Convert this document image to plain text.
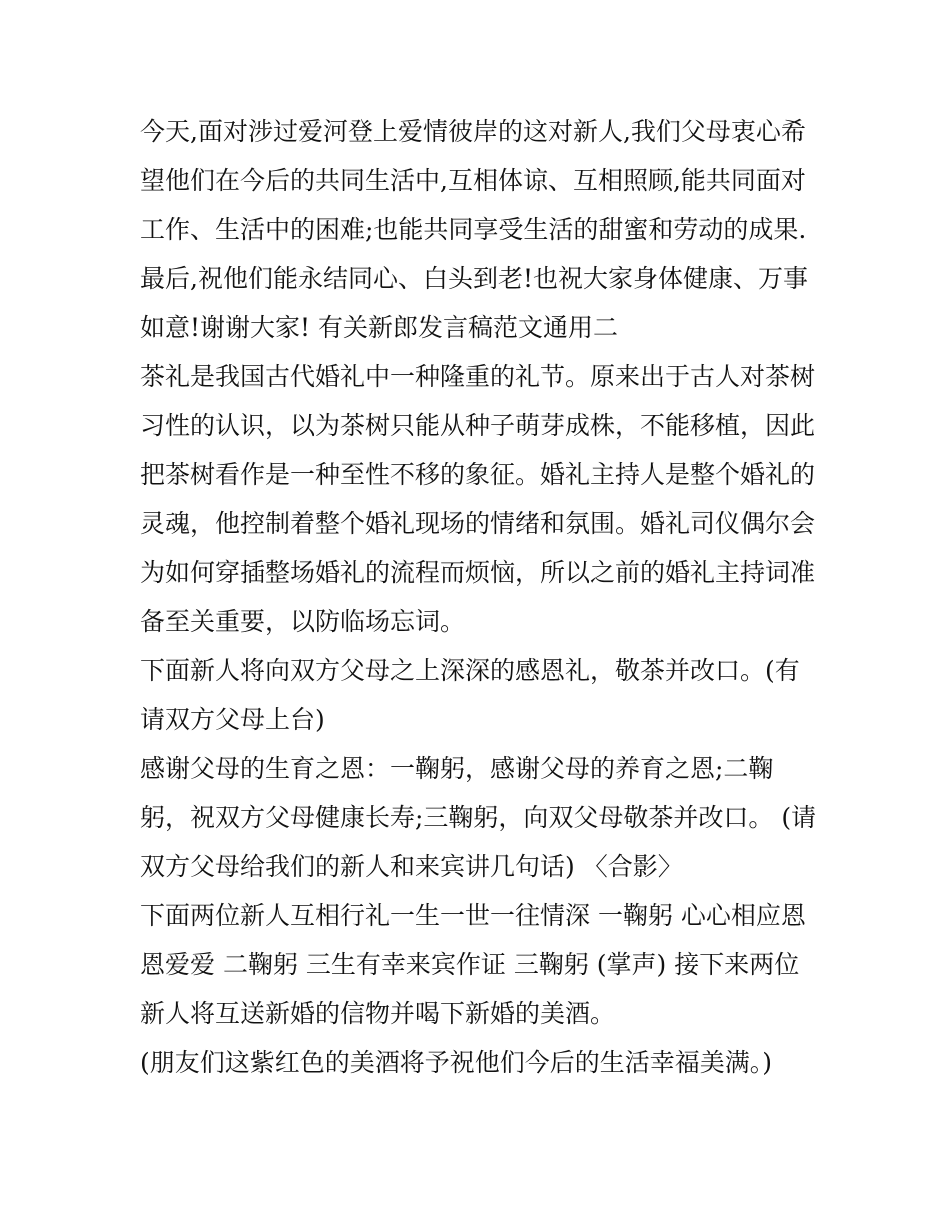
今天,面对涉过爱河登上爱情彼岸的这对新人,我们父母衷心希
望他们在今后的共同生活中,互相体谅、互相照顾,能共同面对
工作、生活中的困难;也能共同享受生活的甜蜜和劳动的成果.
最后,祝他们能永结同心、白头到老!也祝大家身体健康、万事
如意!谢谢大家! 有关新郎发言稿范文通用二
茶礼是我国古代婚礼中一种隆重的礼节。原来出于古人对茶树
习性的认识，以为茶树只能从种子萌芽成株，不能移植，因此
把茶树看作是一种至性不移的象征。婚礼主持人是整个婚礼的
灵魂，他控制着整个婚礼现场的情绪和氛围。婚礼司仪偶尔会
为如何穿插整场婚礼的流程而烦恼，所以之前的婚礼主持词准
备至关重要，以防临场忘词。
下面新人将向双方父母之上深深的感恩礼，敬茶并改口。(有
请双方父母上台)
感谢父母的生育之恩：一鞠躬，感谢父母的养育之恩;二鞠
躬，祝双方父母健康长寿;三鞠躬，向双父母敬茶并改口。 (请
双方父母给我们的新人和来宾讲几句话) 〈合影〉
下面两位新人互相行礼一生一世一往情深 一鞠躬 心心相应恩
恩爱爱 二鞠躬 三生有幸来宾作证 三鞠躬 (掌声) 接下来两位
新人将互送新婚的信物并喝下新婚的美酒。
(朋友们这紫红色的美酒将予祝他们今后的生活幸福美满。)
